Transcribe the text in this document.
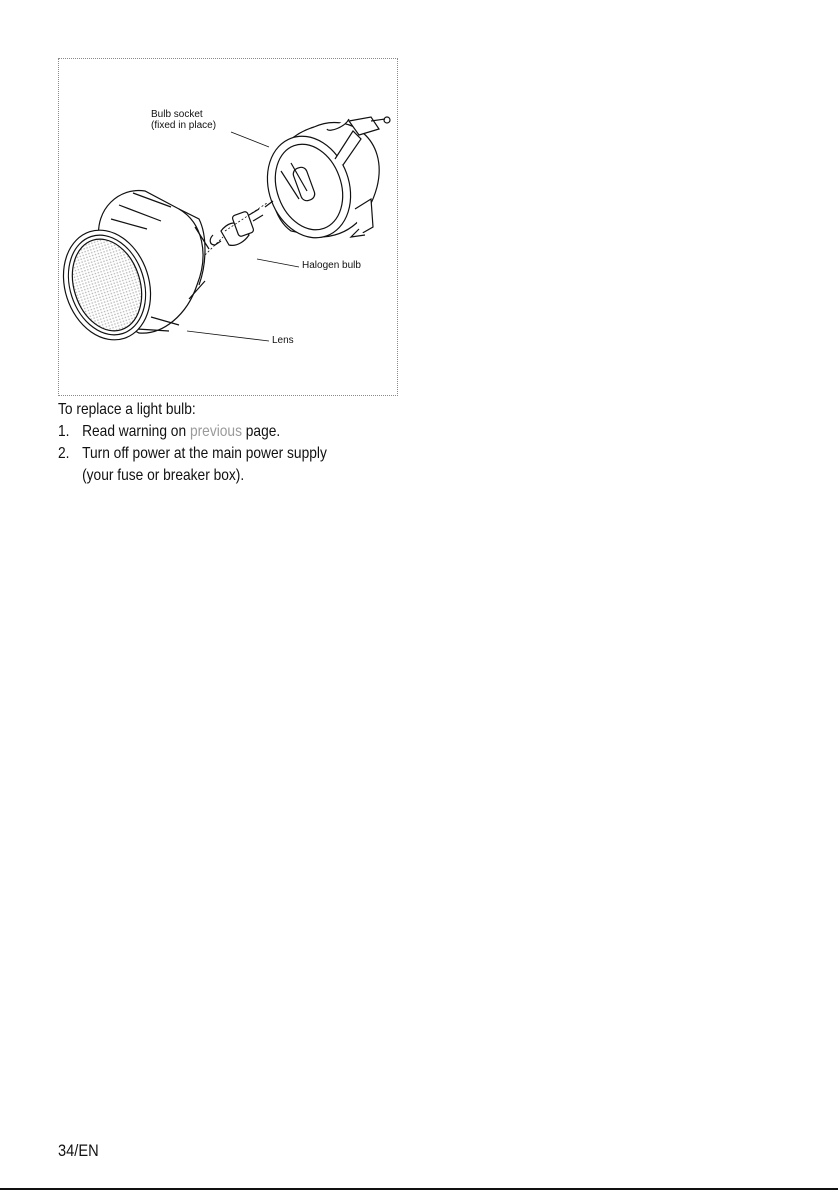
Bulb socket
(fixed in place)
Halogen bulb
Lens

To replace a light bulb:

1. Read warning on previous page.
2. Turn off power at the main power supply
(your fuse or breaker box).
34/EN
